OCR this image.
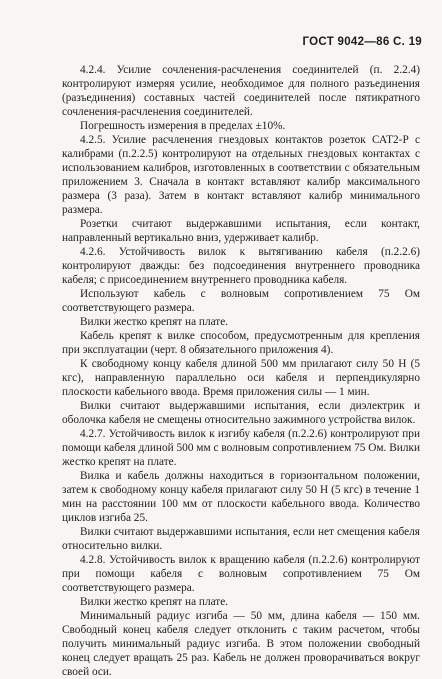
ГОСТ 9042—86 С. 19

4.2.4. Усилие сочленения-расчленения соединителей (п. 2.2.4) контролируют измеряя усилие, необходимое для полного разъединения (разъединения) составных частей соединителей после пятикратного сочленения-расчленения соединителей.

Погрешность измерения в пределах ±10%.

4.2.5. Усилие расчленения гнездовых контактов розеток САТ2-Р с калибрами (п.2.2.5) контролируют на отдельных гнездовых контактах с использованием калибров, изготовленных в соответствии с обязательным приложением 3. Сначала в контакт вставляют калибр максимального размера (3 раза). Затем в контакт вставляют калибр минимального размера.

Розетки считают выдержавшими испытания, если контакт, направленный вертикально вниз, удерживает калибр.

4.2.6. Устойчивость вилок к вытягиванию кабеля (п.2.2.6) контролируют дважды: без подсоединения внутреннего проводника кабеля; с присоединением внутреннего проводника кабеля.

Используют кабель с волновым сопротивлением 75 Ом соответствующего размера.

Вилки жестко крепят на плате.

Кабель крепят к вилке способом, предусмотренным для крепления при эксплуатации (черт. 8 обязательного приложения 4).

К свободному концу кабеля длиной 500 мм прилагают силу 50 Н (5 кгс), направленную параллельно оси кабеля и перпендикулярно плоскости кабельного ввода. Время приложения силы — 1 мин.

Вилки считают выдержавшими испытания, если диэлектрик и оболочка кабеля не смещены относительно зажимного устройства вилок.

4.2.7. Устойчивость вилок к изгибу кабеля (п.2.2.6) контролируют при помощи кабеля длиной 500 мм с волновым сопротивлением 75 Ом. Вилки жестко крепят на плате.

Вилка и кабель должны находиться в горизонтальном положении, затем к свободному концу кабеля прилагают силу 50 Н (5 кгс) в течение 1 мин на расстоянии 100 мм от плоскости кабельного ввода. Количество циклов изгиба 25.

Вилки считают выдержавшими испытания, если нет смещения кабеля относительно вилки.

4.2.8. Устойчивость вилок к вращению кабеля (п.2.2.6) контролируют при помощи кабеля с волновым сопротивлением 75 Ом соответствующего размера.

Вилки жестко крепят на плате.

Минимальный радиус изгиба — 50 мм, длина кабеля — 150 мм. Свободный конец кабеля следует отклонить с таким расчетом, чтобы получить минимальный радиус изгиба. В этом положении свободный конец следует вращать 25 раз. Кабель не должен проворачиваться вокруг своей оси.
